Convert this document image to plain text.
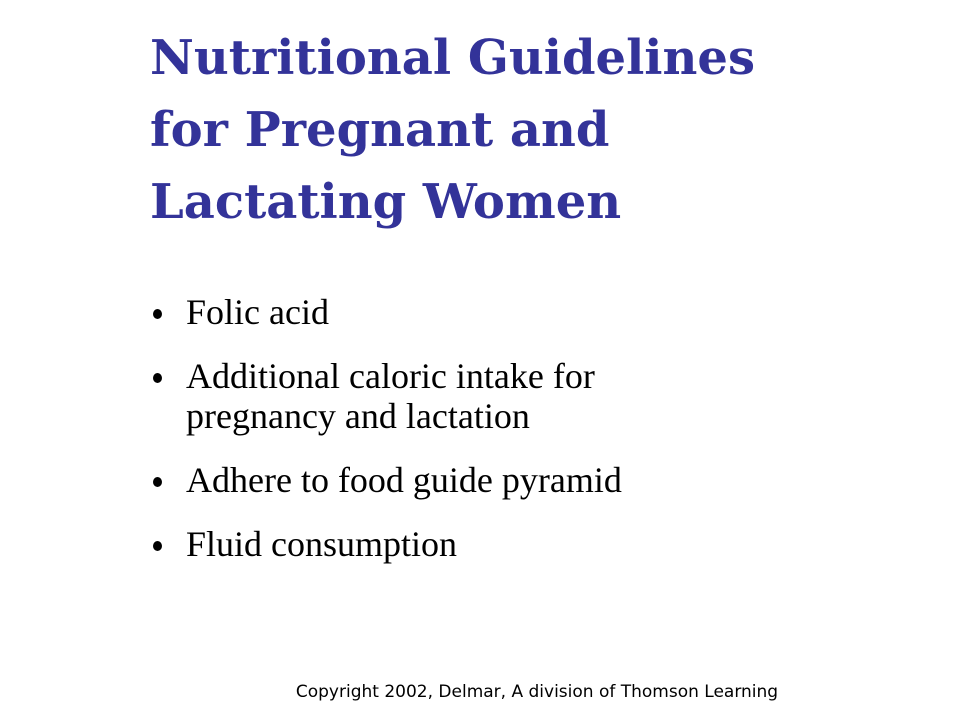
Nutritional Guidelines
for Pregnant and
Lactating Women
Folic acid
Additional caloric intake for
pregnancy and lactation
Adhere to food guide pyramid
Fluid consumption

Copyright 2002, Delmar, A division of Thomson Learning
